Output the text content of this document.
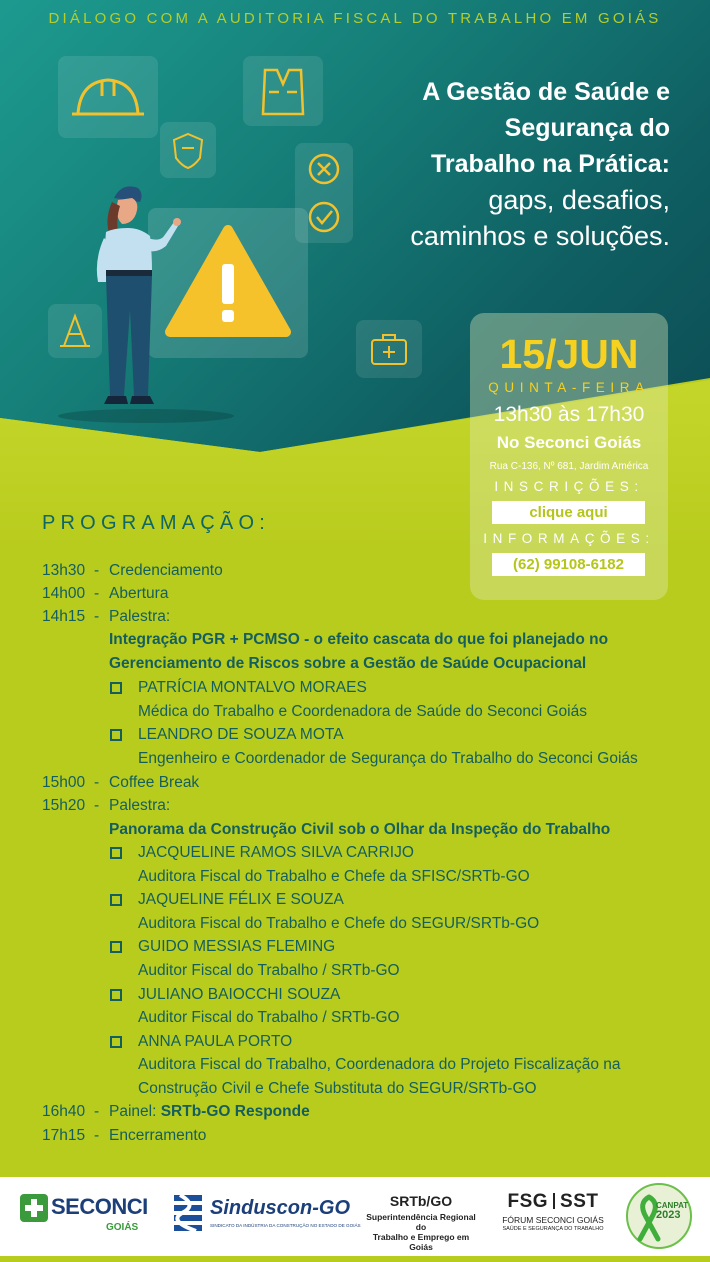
DIÁLOGO COM A AUDITORIA FISCAL DO TRABALHO EM GOIÁS
A Gestão de Saúde e
Segurança do
Trabalho na Prática:
gaps, desafios,
caminhos e soluções.
15/JUN
QUINTA-FEIRA
13h30 às 17h30
No Seconci Goiás
Rua C-136, Nº 681, Jardim América
INSCRIÇÕES:
clique aqui
INFORMAÇÕES:
(62) 99108-6182
PROGRAMAÇÃO:
13h30 - Credenciamento
14h00 - Abertura
14h15 - Palestra:
Integração PGR + PCMSO - o efeito cascata do que foi planejado no
Gerenciamento de Riscos sobre a Gestão de Saúde Ocupacional
PATRÍCIA MONTALVO MORAES
Médica do Trabalho e Coordenadora de Saúde do Seconci Goiás
LEANDRO DE SOUZA MOTA
Engenheiro e Coordenador de Segurança do Trabalho do Seconci Goiás
15h00 - Coffee Break
15h20 - Palestra:
Panorama da Construção Civil sob o Olhar da Inspeção do Trabalho
JACQUELINE RAMOS SILVA CARRIJO
Auditora Fiscal do Trabalho e Chefe da SFISC/SRTb-GO
JAQUELINE FÉLIX E SOUZA
Auditora Fiscal do Trabalho e Chefe do SEGUR/SRTb-GO
GUIDO MESSIAS FLEMING
Auditor Fiscal do Trabalho / SRTb-GO
JULIANO BAIOCCHI SOUZA
Auditor Fiscal do Trabalho / SRTb-GO
ANNA PAULA PORTO
Auditora Fiscal do Trabalho, Coordenadora do Projeto Fiscalização na
Construção Civil e Chefe Substituta do SEGUR/SRTb-GO
16h40 - Painel: SRTb-GO Responde
17h15 - Encerramento
SECONCI
GOIÁS
Sinduscon-GO
SINDICATO DA INDÚSTRIA DA CONSTRUÇÃO NO ESTADO DE GOIÁS
SRTb/GO
Superintendência Regional do
Trabalho e Emprego em Goiás
FSG SST
FÓRUM SECONCI GOIÁS
SAÚDE E SEGURANÇA DO TRABALHO
CANPAT
2023
